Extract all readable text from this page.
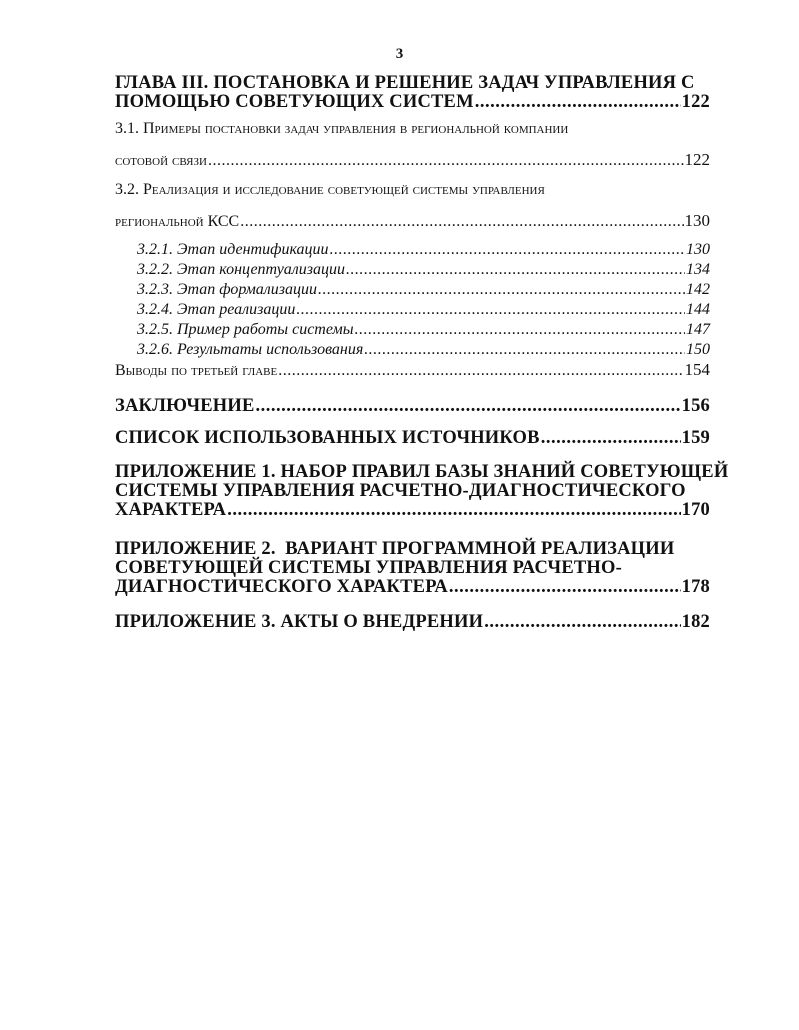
3
ГЛАВА III. ПОСТАНОВКА И РЕШЕНИЕ ЗАДАЧ УПРАВЛЕНИЯ С
ПОМОЩЬЮ СОВЕТУЮЩИХ СИСТЕМ .....	122
3.1. Примеры постановки задач управления в региональной компании
сотовой связи .....	122
3.2. Реализация и исследование советующей системы управления
региональной КСС .....	130
3.2.1. Этап идентификации .....	130
3.2.2. Этап концептуализации .....	134
3.2.3. Этап формализации .....	142
3.2.4. Этап реализации .....	144
3.2.5. Пример работы системы .....	147
3.2.6. Результаты использования .....	150
Выводы по третьей главе .....	154
ЗАКЛЮЧЕНИЕ .....	156
СПИСОК ИСПОЛЬЗОВАННЫХ ИСТОЧНИКОВ .....	159
ПРИЛОЖЕНИЕ 1. НАБОР ПРАВИЛ БАЗЫ ЗНАНИЙ СОВЕТУЮЩЕЙ
СИСТЕМЫ УПРАВЛЕНИЯ РАСЧЕТНО-ДИАГНОСТИЧЕСКОГО
ХАРАКТЕРА .....	170
ПРИЛОЖЕНИЕ 2.  ВАРИАНТ ПРОГРАММНОЙ РЕАЛИЗАЦИИ
СОВЕТУЮЩЕЙ СИСТЕМЫ УПРАВЛЕНИЯ РАСЧЕТНО-
ДИАГНОСТИЧЕСКОГО ХАРАКТЕРА .....	178
ПРИЛОЖЕНИЕ 3. АКТЫ О ВНЕДРЕНИИ .....	182
